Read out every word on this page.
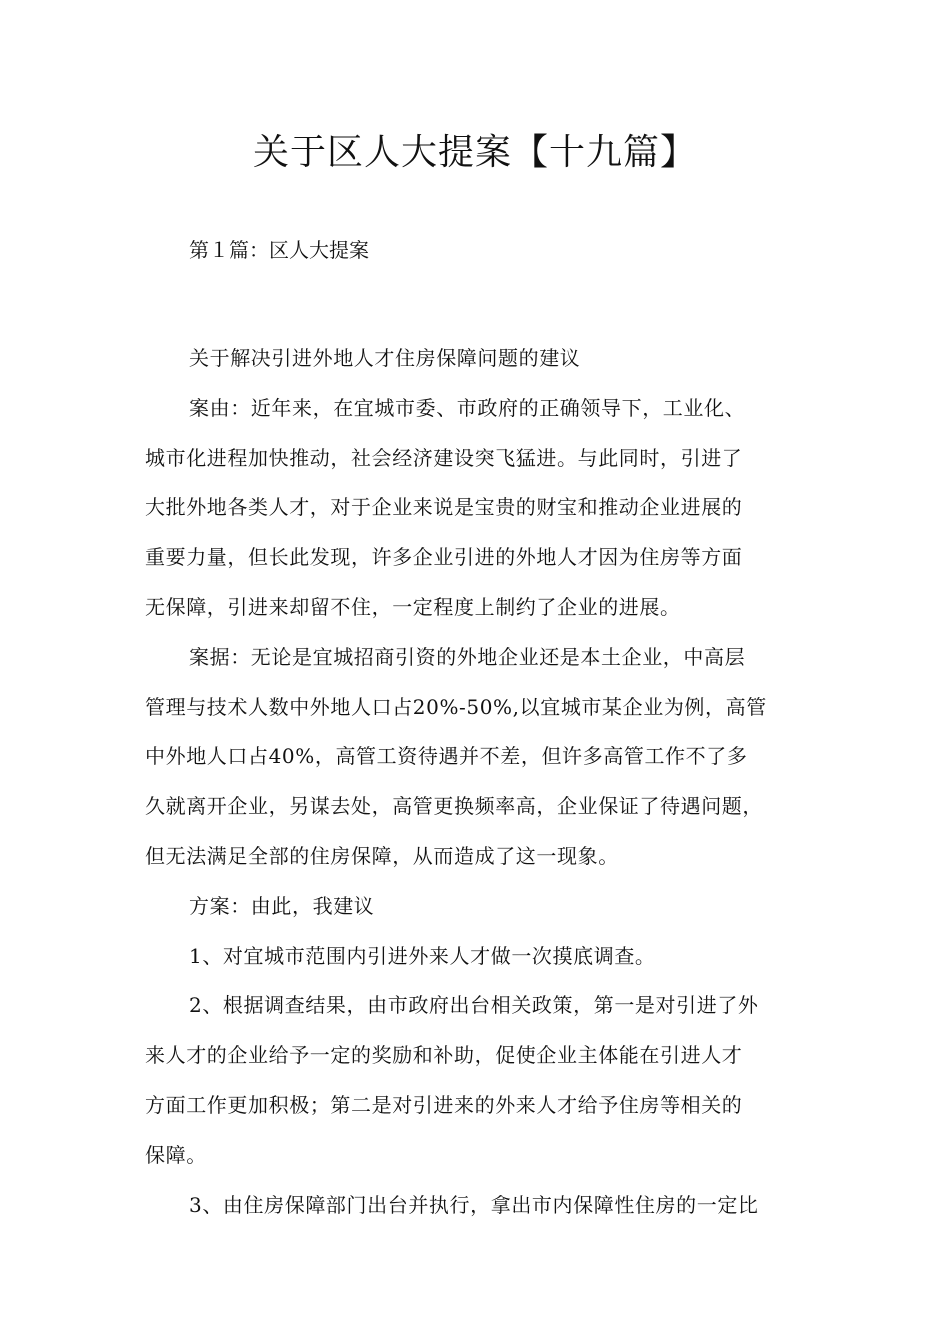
关于区人大提案【十九篇】
第１篇：区人大提案

关于解决引进外地人才住房保障问题的建议

案由：近年来，在宜城市委、市政府的正确领导下，工业化、
城市化进程加快推动，社会经济建设突飞猛进。与此同时，引进了
大批外地各类人才，对于企业来说是宝贵的财宝和推动企业进展的
重要力量，但长此发现，许多企业引进的外地人才因为住房等方面
无保障，引进来却留不住，一定程度上制约了企业的进展。

案据：无论是宜城招商引资的外地企业还是本土企业，中高层
管理与技术人数中外地人口占20%-50%,以宜城市某企业为例，高管
中外地人口占40%，高管工资待遇并不差，但许多高管工作不了多
久就离开企业，另谋去处，高管更换频率高，企业保证了待遇问题，
但无法满足全部的住房保障，从而造成了这一现象。

方案：由此，我建议

1、对宜城市范围内引进外来人才做一次摸底调查。

2、根据调查结果，由市政府出台相关政策，第一是对引进了外
来人才的企业给予一定的奖励和补助，促使企业主体能在引进人才
方面工作更加积极；第二是对引进来的外来人才给予住房等相关的
保障。

3、由住房保障部门出台并执行，拿出市内保障性住房的一定比
